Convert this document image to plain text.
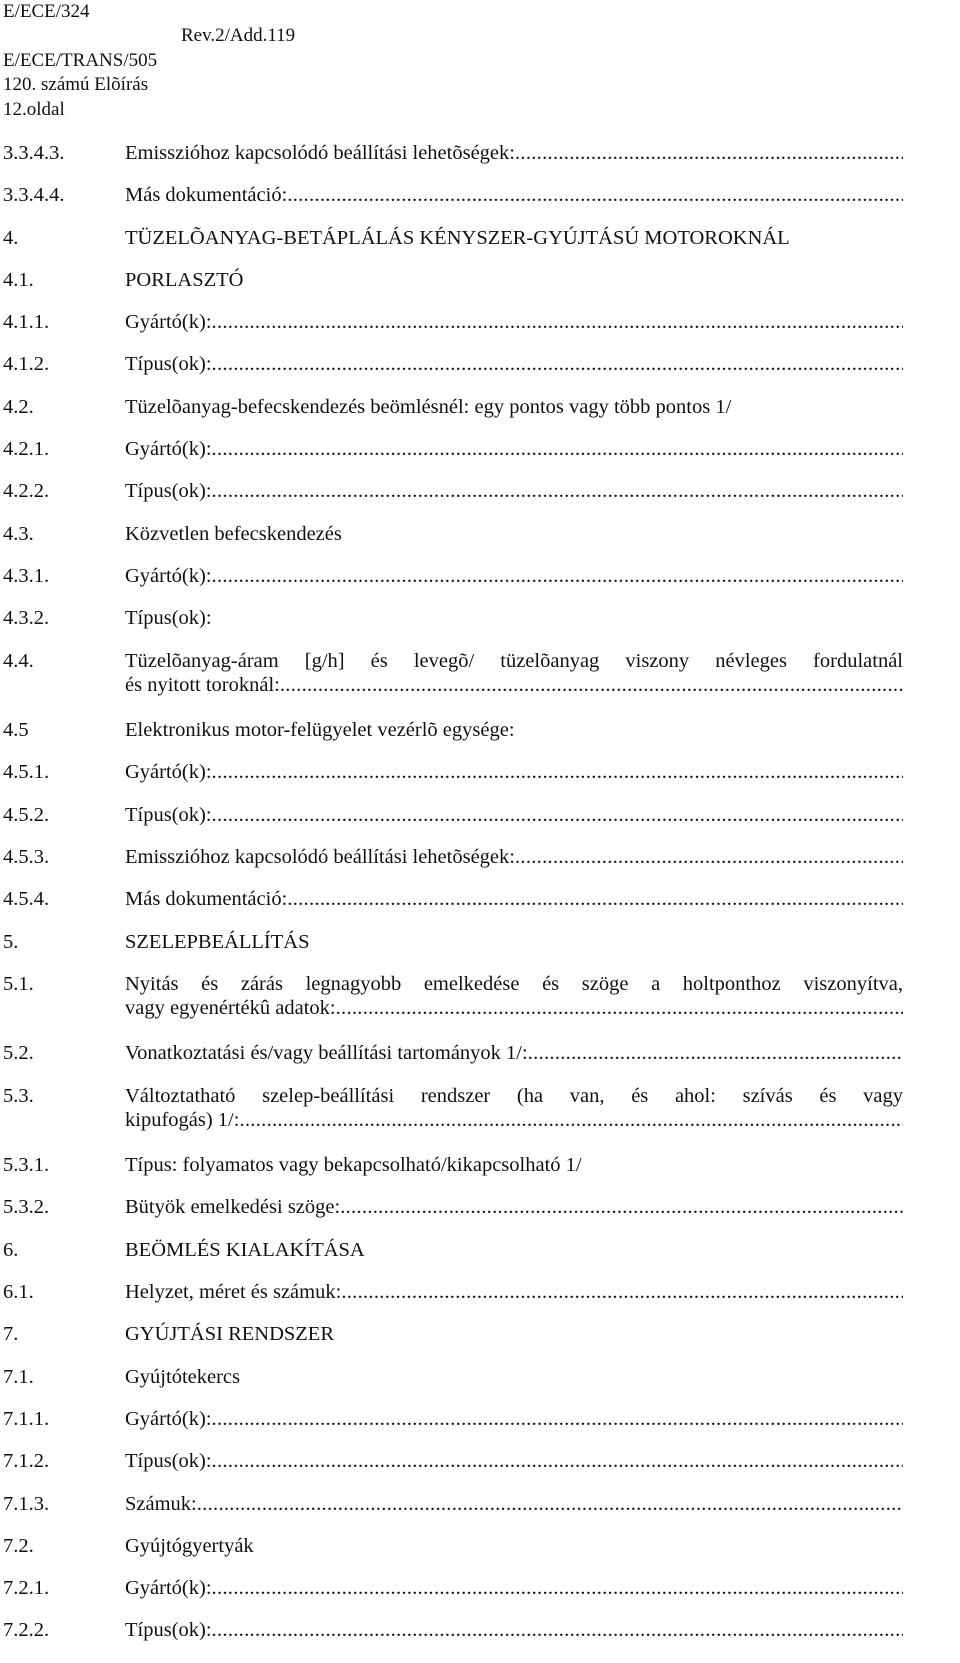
E/ECE/324
Rev.2/Add.119
E/ECE/TRANS/505
120. számú Elõírás
12.oldal
3.3.4.3.	Emisszióhoz kapcsolódó beállítási lehetõségek:
.....
3.3.4.4.	Más dokumentáció:
.....
4.	TÜZELÕANYAG-BETÁPLÁLÁS KÉNYSZER-GYÚJTÁSÚ MOTOROKNÁL
4.1.	PORLASZTÓ
4.1.1.	Gyártó(k):
.....
4.1.2.	Típus(ok):
.....
4.2.	Tüzelõanyag-befecskendezés beömlésnél: egy pontos vagy több pontos 1/
4.2.1.	Gyártó(k):
.....
4.2.2.	Típus(ok):
.....
4.3.	Közvetlen befecskendezés
4.3.1.	Gyártó(k):
.....
4.3.2.	Típus(ok):
4.4.	Tüzelõanyag-áram [g/h] és levegõ/ tüzelõanyag viszony névleges fordulatnál
és nyitott toroknál:
.....
4.5	Elektronikus motor-felügyelet vezérlõ egysége:
4.5.1.	Gyártó(k):
.....
4.5.2.	Típus(ok):
.....
4.5.3.	Emisszióhoz kapcsolódó beállítási lehetõségek:
.....
4.5.4.	Más dokumentáció:
.....
5.	SZELEPBEÁLLÍTÁS
5.1.	Nyitás és zárás legnagyobb emelkedése és szöge a holtponthoz viszonyítva,
vagy egyenértékû adatok:
.....
5.2.	Vonatkoztatási és/vagy beállítási tartományok 1/:
.....
5.3.	Változtatható szelep-beállítási rendszer (ha van, és ahol: szívás és vagy
kipufogás) 1/:
.....
5.3.1.	Típus: folyamatos vagy bekapcsolható/kikapcsolható 1/
5.3.2.	Bütyök emelkedési szöge:
.....
6.	BEÖMLÉS KIALAKÍTÁSA
6.1.	Helyzet, méret és számuk:
.....
7.	GYÚJTÁSI RENDSZER
7.1.	Gyújtótekercs
7.1.1.	Gyártó(k):
.....
7.1.2.	Típus(ok):
.....
7.1.3.	Számuk:
.....
7.2.	Gyújtógyertyák
7.2.1.	Gyártó(k):
.....
7.2.2.	Típus(ok):
.....
